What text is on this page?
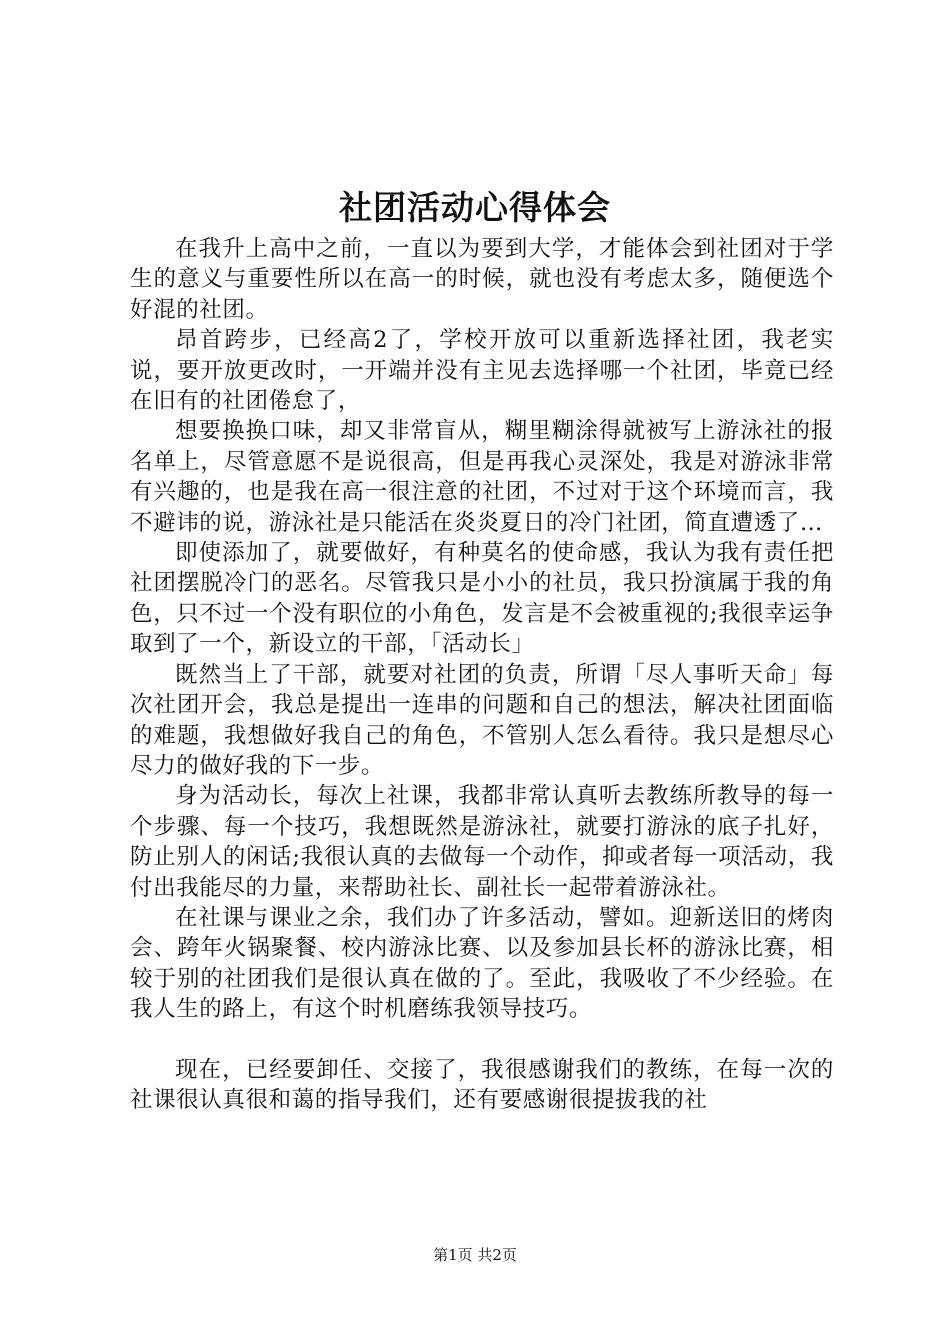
社团活动心得体会

在我升上高中之前，一直以为要到大学，才能体会到社团对于学生的意义与重要性所以在高一的时候，就也没有考虑太多，随便选个好混的社团。

昂首跨步，已经高2了，学校开放可以重新选择社团，我老实说，要开放更改时，一开端并没有主见去选择哪一个社团，毕竟已经在旧有的社团倦怠了，

想要换换口味，却又非常盲从，糊里糊涂得就被写上游泳社的报名单上，尽管意愿不是说很高，但是再我心灵深处，我是对游泳非常有兴趣的，也是我在高一很注意的社团，不过对于这个环境而言，我不避讳的说，游泳社是只能活在炎炎夏日的冷门社团，简直遭透了…

即使添加了，就要做好，有种莫名的使命感，我认为我有责任把社团摆脱冷门的恶名。尽管我只是小小的社员，我只扮演属于我的角色，只不过一个没有职位的小角色，发言是不会被重视的;我很幸运争取到了一个，新设立的干部，「活动长」

既然当上了干部，就要对社团的负责，所谓「尽人事听天命」每次社团开会，我总是提出一连串的问题和自己的想法，解决社团面临的难题，我想做好我自己的角色，不管别人怎么看待。我只是想尽心尽力的做好我的下一步。

身为活动长，每次上社课，我都非常认真听去教练所教导的每一个步骤、每一个技巧，我想既然是游泳社，就要打游泳的底子扎好，防止别人的闲话;我很认真的去做每一个动作，抑或者每一项活动，我付出我能尽的力量，来帮助社长、副社长一起带着游泳社。

在社课与课业之余，我们办了许多活动，譬如。迎新送旧的烤肉会、跨年火锅聚餐、校内游泳比赛、以及参加县长杯的游泳比赛，相较于别的社团我们是很认真在做的了。至此，我吸收了不少经验。在我人生的路上，有这个时机磨练我领导技巧。

现在，已经要卸任、交接了，我很感谢我们的教练，在每一次的社课很认真很和蔼的指导我们，还有要感谢很提拔我的社

第1页 共2页
